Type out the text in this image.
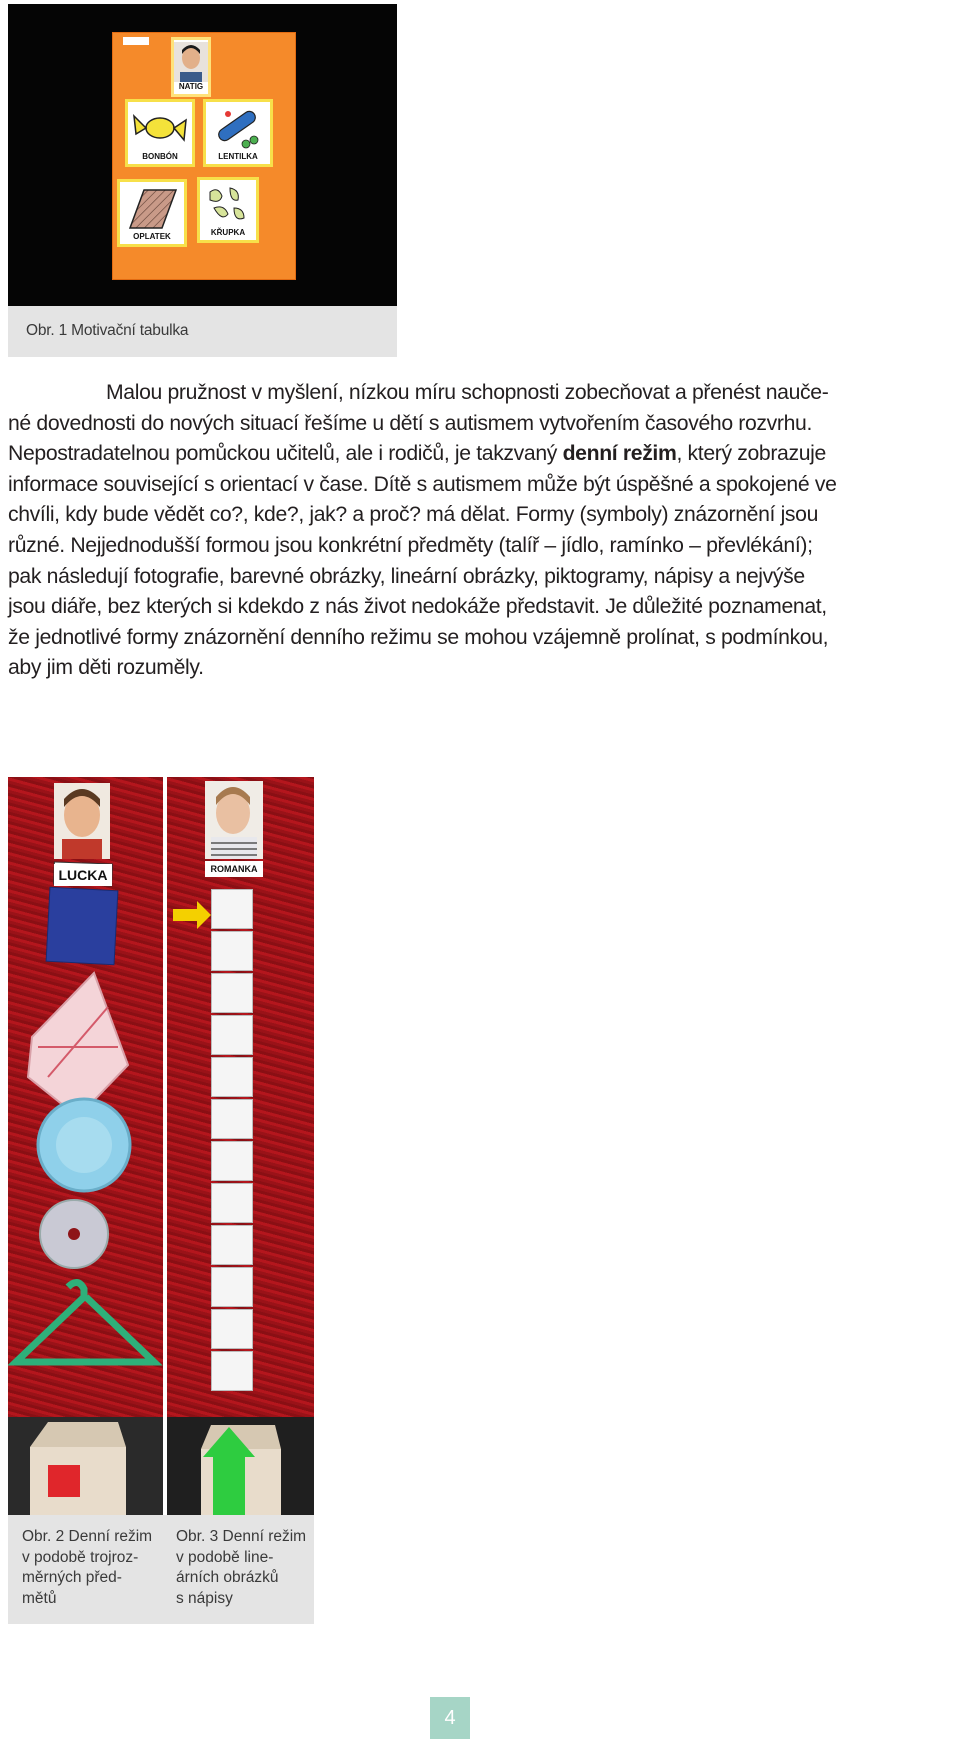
NATIG
BONBÓN	LENTILKA
OPLATEK	KŘUPKA
Obr. 1 Motivační tabulka
Malou pružnost v myšlení, nízkou míru schopnosti zobecňovat a přenést nauče-
né dovednosti do nových situací řešíme u dětí s autismem vytvořením časového rozvrhu.
Nepostradatelnou pomůckou učitelů, ale i rodičů, je takzvaný denní režim, který zobrazuje
informace související s orientací v čase. Dítě s autismem může být úspěšné a spokojené ve
chvíli, kdy bude vědět co?, kde?, jak? a proč? má dělat. Formy (symboly) znázornění jsou
různé. Nejjednodušší formou jsou konkrétní předměty (talíř – jídlo, ramínko – převlékání);
pak následují fotografie, barevné obrázky, lineární obrázky, piktogramy, nápisy a nejvýše
jsou diáře, bez kterých si kdekdo z nás život nedokáže představit. Je důležité poznamenat,
že jednotlivé formy znázornění denního režimu se mohou vzájemně prolínat, s podmínkou,
aby jim děti rozuměly.
LUCKA	ROMANKA
Obr. 2 Denní režim
v podobě trojroz-
měrných před-
mětů
Obr. 3 Denní režim
v podobě line-
árních obrázků
s nápisy
4
